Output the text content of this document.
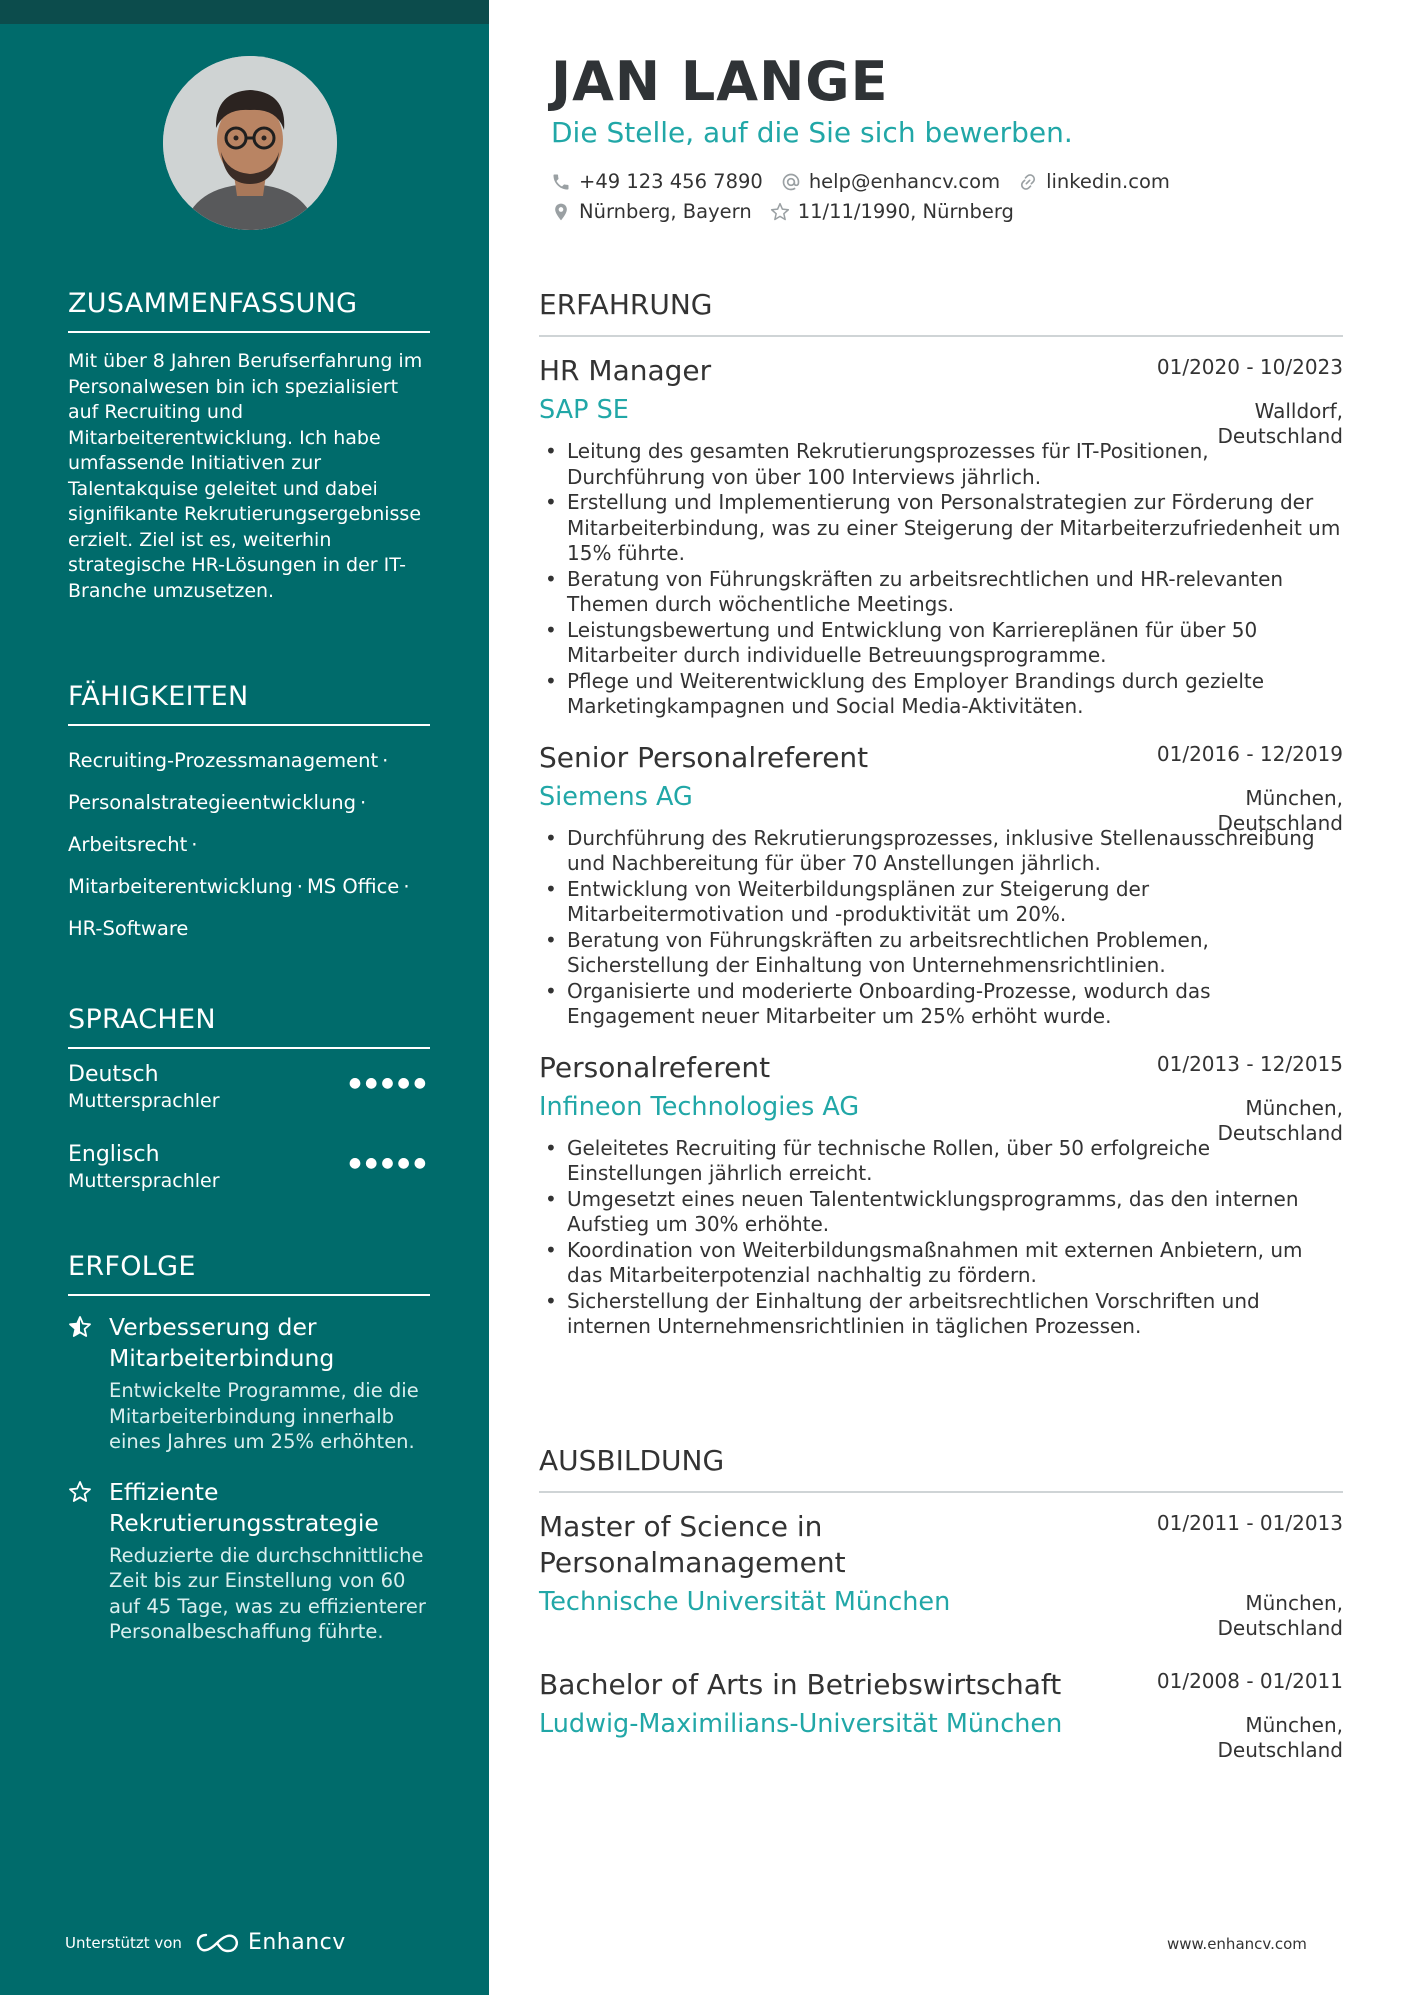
ZUSAMMENFASSUNG

Mit über 8 Jahren Berufserfahrung im Personalwesen bin ich spezialisiert auf Recruiting und Mitarbeiterentwicklung. Ich habe umfassende Initiativen zur Talentakquise geleitet und dabei signifikante Rekrutierungsergebnisse erzielt. Ziel ist es, weiterhin strategische HR-Lösungen in der IT-Branche umzusetzen.

FÄHIGKEITEN
Recruiting-Prozessmanagement ·
Personalstrategieentwicklung ·
Arbeitsrecht ·
Mitarbeiterentwicklung · MS Office ·
HR-Software
SPRACHEN
Deutsch
Muttersprachler
●●●●●
Englisch
Muttersprachler
●●●●●
ERFOLGE
Verbesserung der Mitarbeiterbindung
Entwickelte Programme, die die Mitarbeiterbindung innerhalb eines Jahres um 25% erhöhten.
Effiziente Rekrutierungsstrategie
Reduzierte die durchschnittliche Zeit bis zur Einstellung von 60 auf 45 Tage, was zu effizienterer Personalbeschaffung führte.
Unterstützt von	Enhancv
JAN LANGE
Die Stelle, auf die Sie sich bewerben.
+49 123 456 7890 help@enhancv.com linkedin.com
Nürnberg, Bayern 11/11/1990, Nürnberg
ERFAHRUNG
HR Manager	01/2020 - 10/2023
SAP SE	Walldorf,
Deutschland
• Leitung des gesamten Rekrutierungsprozesses für IT-Positionen, Durchführung von über 100 Interviews jährlich.
• Erstellung und Implementierung von Personalstrategien zur Förderung der Mitarbeiterbindung, was zu einer Steigerung der Mitarbeiterzufriedenheit um 15% führte.
• Beratung von Führungskräften zu arbeitsrechtlichen und HR-relevanten Themen durch wöchentliche Meetings.
• Leistungsbewertung und Entwicklung von Karriereplänen für über 50 Mitarbeiter durch individuelle Betreuungsprogramme.
• Pflege und Weiterentwicklung des Employer Brandings durch gezielte Marketingkampagnen und Social Media-Aktivitäten.
Senior Personalreferent	01/2016 - 12/2019
Siemens AG	München,
Deutschland
• Durchführung des Rekrutierungsprozesses, inklusive Stellenausschreibung und Nachbereitung für über 70 Anstellungen jährlich.
• Entwicklung von Weiterbildungsplänen zur Steigerung der Mitarbeitermotivation und -produktivität um 20%.
• Beratung von Führungskräften zu arbeitsrechtlichen Problemen, Sicherstellung der Einhaltung von Unternehmensrichtlinien.
• Organisierte und moderierte Onboarding-Prozesse, wodurch das Engagement neuer Mitarbeiter um 25% erhöht wurde.
Personalreferent	01/2013 - 12/2015
Infineon Technologies AG	München,
Deutschland
• Geleitetes Recruiting für technische Rollen, über 50 erfolgreiche Einstellungen jährlich erreicht.
• Umgesetzt eines neuen Talententwicklungsprogramms, das den internen Aufstieg um 30% erhöhte.
• Koordination von Weiterbildungsmaßnahmen mit externen Anbietern, um das Mitarbeiterpotenzial nachhaltig zu fördern.
• Sicherstellung der Einhaltung der arbeitsrechtlichen Vorschriften und internen Unternehmensrichtlinien in täglichen Prozessen.
AUSBILDUNG
Master of Science in Personalmanagement
01/2011 - 01/2013
Technische Universität München	München,
Deutschland
Bachelor of Arts in Betriebswirtschaft	01/2008 - 01/2011
Ludwig-Maximilians-Universität München	München,
Deutschland
www.enhancv.com
